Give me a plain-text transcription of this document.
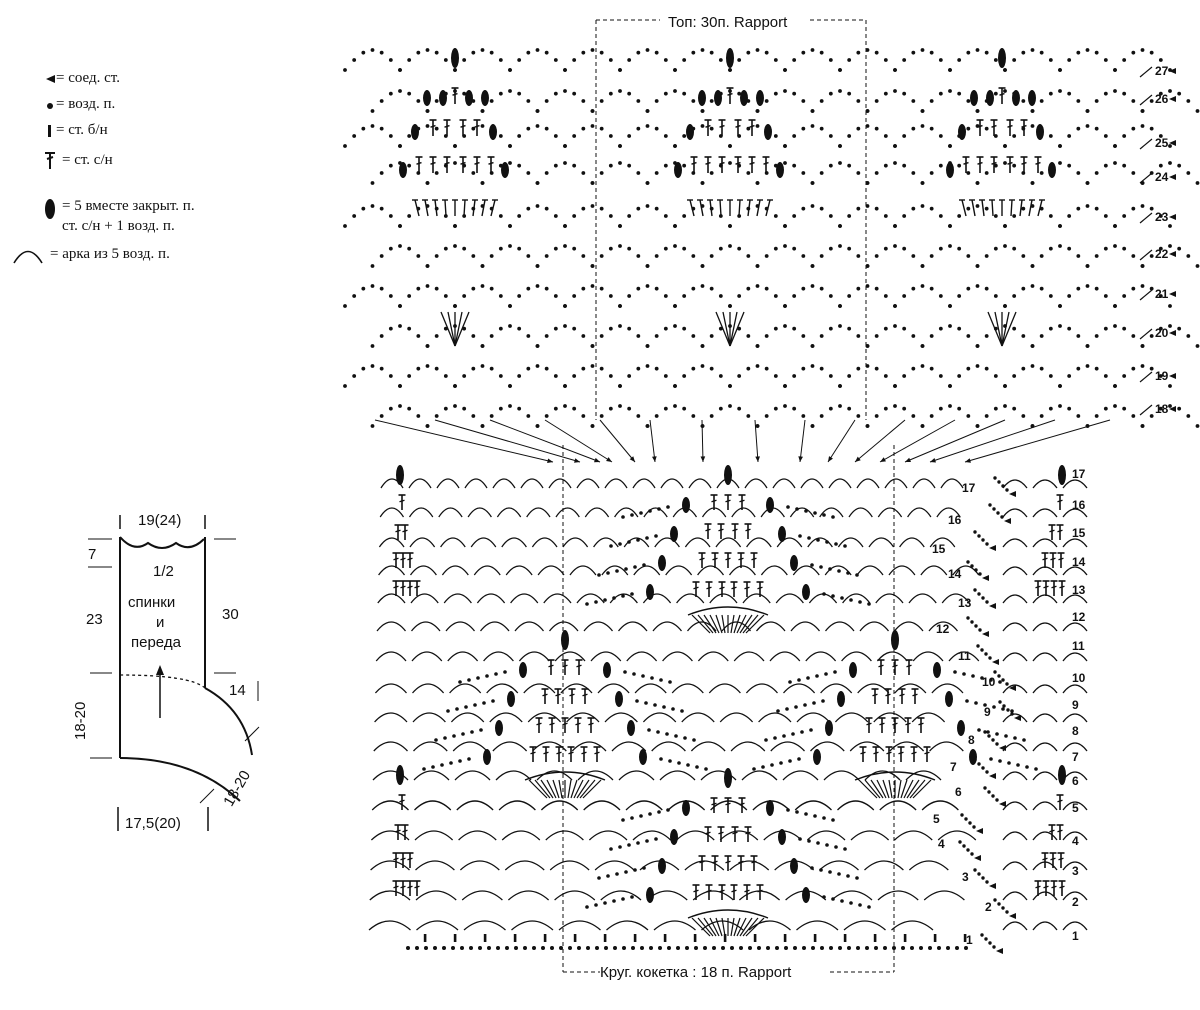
= соед. ст.
= возд. п.
= ст. б/н
= ст. с/н
= 5 вместе закрыт. п.
ст. с/н + 1 возд. п.
= арка из 5 возд. п.
19(24)
7
1/2
спинки
и
переда
23	30
14
18-20
18-20
17,5(20)
Топ: 30п. Rapport
Круг. кокетка : 18 п. Rapport
27
26
25
24
23
22
21
20
19
18
17
16
15
14
13
12
11
10
9
8
7
6
5
4
3
2
1
17
16
15
14
13
12
11
10
9
8
7
6
5
4
3
2
1
